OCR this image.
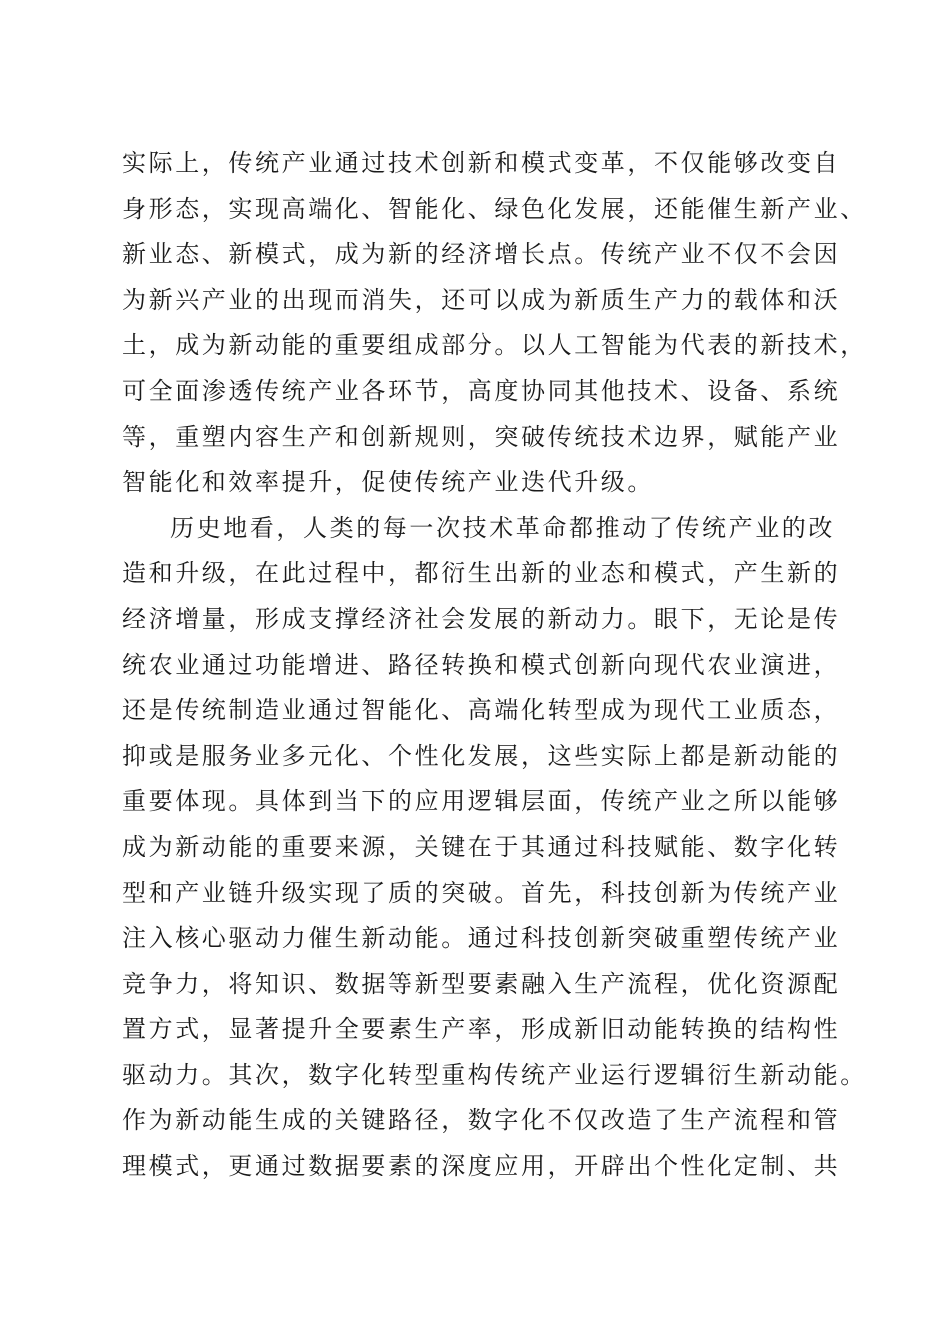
实际上，传统产业通过技术创新和模式变革，不仅能够改变自
身形态，实现高端化、智能化、绿色化发展，还能催生新产业、
新业态、新模式，成为新的经济增长点。传统产业不仅不会因
为新兴产业的出现而消失，还可以成为新质生产力的载体和沃
土，成为新动能的重要组成部分。以人工智能为代表的新技术，
可全面渗透传统产业各环节，高度协同其他技术、设备、系统
等，重塑内容生产和创新规则，突破传统技术边界，赋能产业
智能化和效率提升，促使传统产业迭代升级。
历史地看，人类的每一次技术革命都推动了传统产业的改
造和升级，在此过程中，都衍生出新的业态和模式，产生新的
经济增量，形成支撑经济社会发展的新动力。眼下，无论是传
统农业通过功能增进、路径转换和模式创新向现代农业演进，
还是传统制造业通过智能化、高端化转型成为现代工业质态，
抑或是服务业多元化、个性化发展，这些实际上都是新动能的
重要体现。具体到当下的应用逻辑层面，传统产业之所以能够
成为新动能的重要来源，关键在于其通过科技赋能、数字化转
型和产业链升级实现了质的突破。首先，科技创新为传统产业
注入核心驱动力催生新动能。通过科技创新突破重塑传统产业
竞争力，将知识、数据等新型要素融入生产流程，优化资源配
置方式，显著提升全要素生产率，形成新旧动能转换的结构性
驱动力。其次，数字化转型重构传统产业运行逻辑衍生新动能。
作为新动能生成的关键路径，数字化不仅改造了生产流程和管
理模式，更通过数据要素的深度应用，开辟出个性化定制、共
